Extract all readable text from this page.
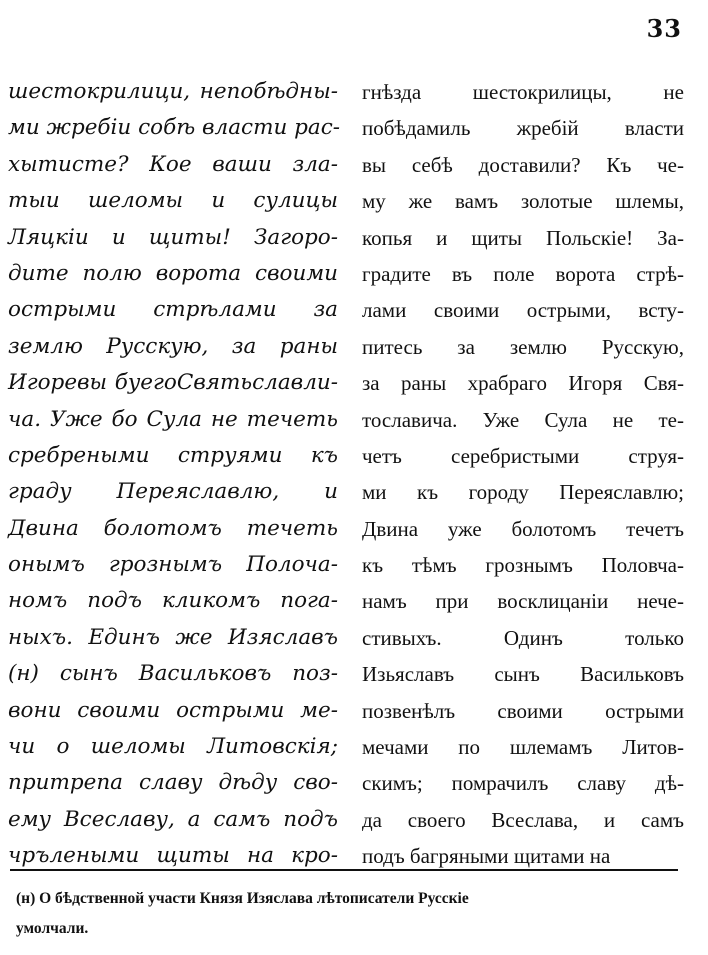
33
шестокрилици, непобѣдны-
ми жребiи собѣ власти рас-
хытисте? Кое ваши зла-
тыи шеломы и сулицы
Ляцкiи и щиты! Загоро-
дите полю ворота своими
острыми стрѣлами за
землю Русскую, за раны
Игоревы буегоСвятьславли-
ча. Уже бо Сула не течеть
сребреными струями къ
граду Переяславлю, и
Двина болотомъ течеть
онымъ грознымъ Полоча-
номъ подъ кликомъ пога-
ныхъ. Единъ же Изяславъ
(н) сынъ Васильковъ поз-
вони своими острыми ме-
чи о шеломы Литовскiя;
притрепа славу дѣду сво-
ему Всеславу, а самъ подъ
чрълеными щиты на кро-
гнѣзда шестокрилицы, не
побѣдамиль жребiй власти
вы себѣ доставили? Къ че-
му же вамъ золотые шлемы,
копья и щиты Польскiе! За-
градите въ поле ворота стрѣ-
лами своими острыми, всту-
питесь за землю Русскую,
за раны храбраго Игоря Свя-
тославича. Уже Сула не те-
четъ серебристыми струя-
ми къ городу Переяславлю;
Двина уже болотомъ течетъ
къ тѣмъ грознымъ Половча-
намъ при восклицанiи нече-
стивыхъ. Одинъ только
Изьяславъ сынъ Васильковъ
позвенѣлъ своими острыми
мечами по шлемамъ Литов-
скимъ; помрачилъ славу дѣ-
да своего Всеслава, и самъ
подъ багряными щитами на
(н) О бѣдственной участи Князя Изяслава лѣтописатели Русскiе
умолчали.
